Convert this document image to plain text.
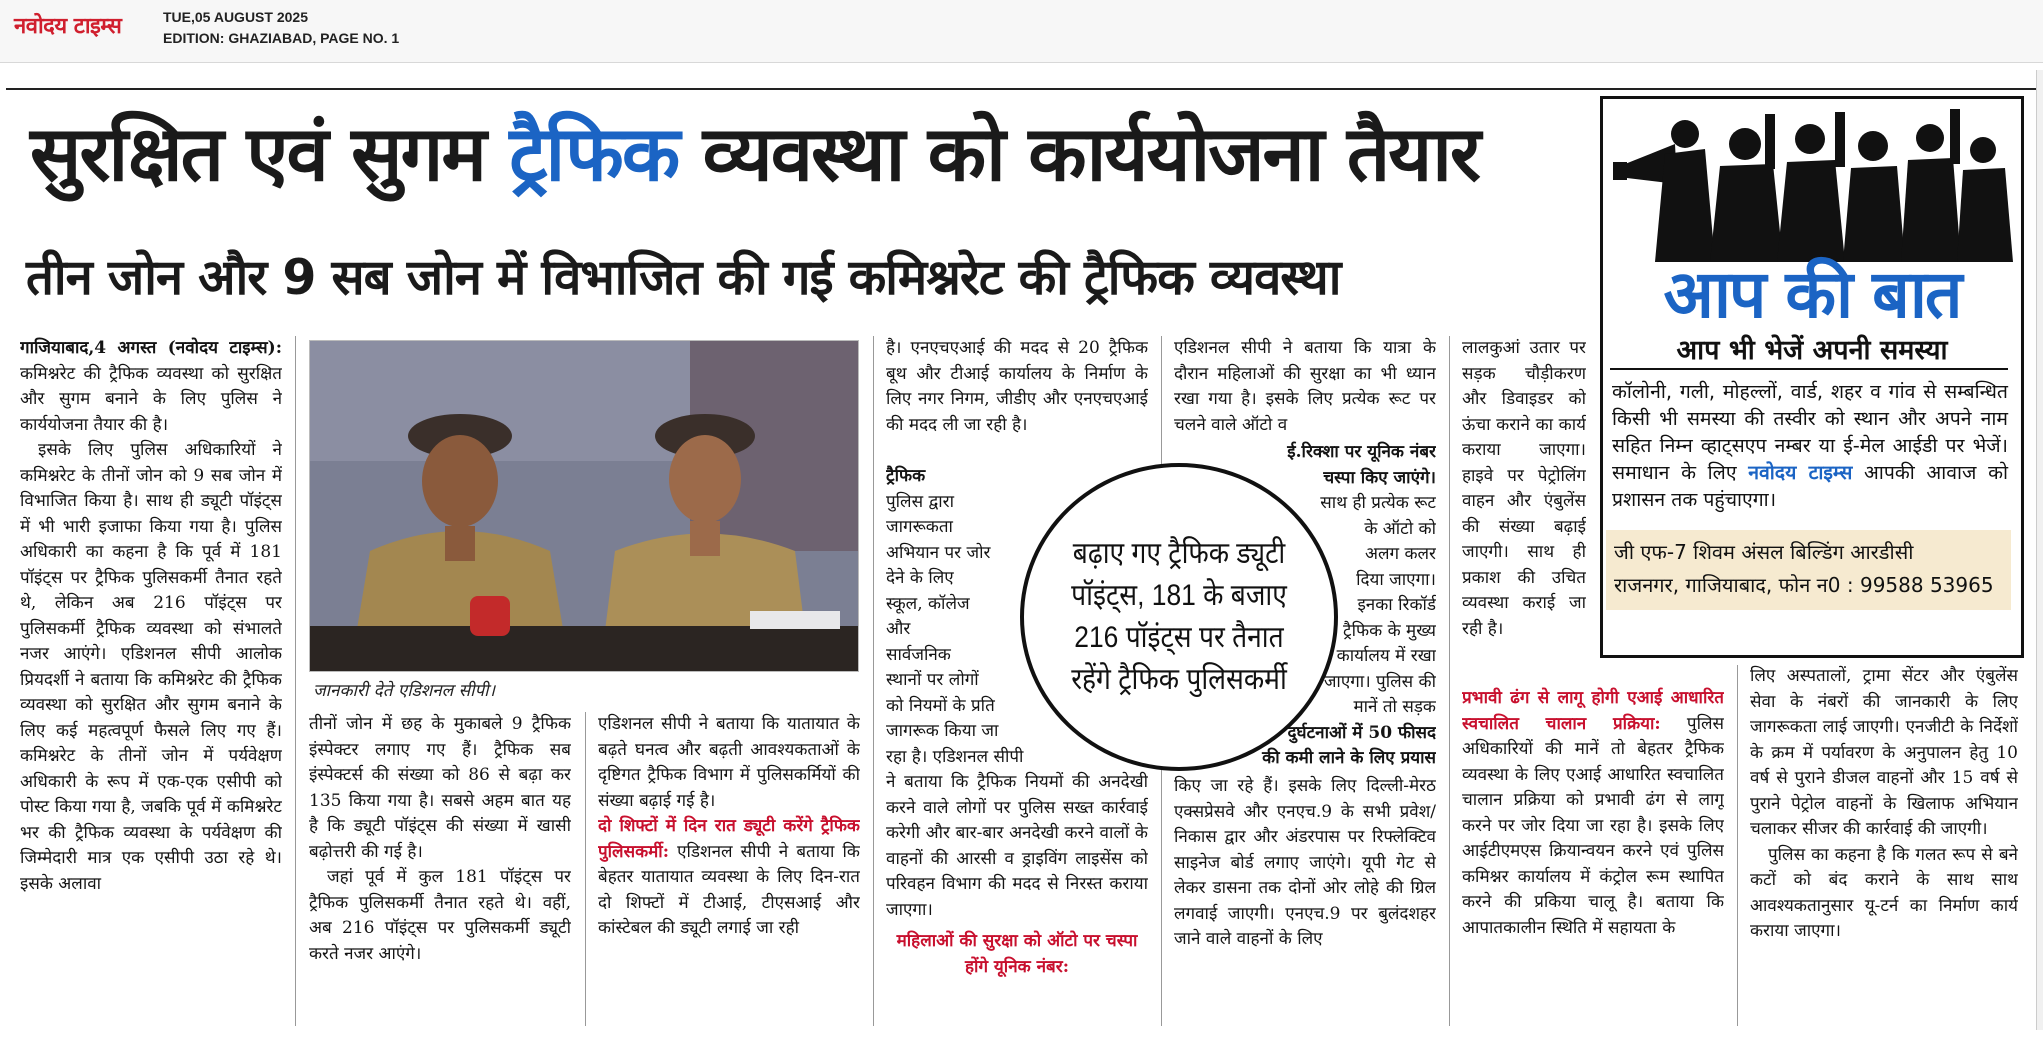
नवोदय टाइम्स	TUE,05 AUGUST 2025
EDITION: GHAZIABAD, PAGE NO. 1
सुरक्षित एवं सुगम ट्रैफिक व्यवस्था को कार्ययोजना तैयार
तीन जोन और 9 सब जोन में विभाजित की गई कमिश्नरेट की ट्रैफिक व्यवस्था

गाजियाबाद,4 अगस्त (नवोदय टाइम्स): कमिश्नरेट की ट्रैफिक व्यवस्था को सुरक्षित और सुगम बनाने के लिए पुलिस ने कार्ययोजना तैयार की है।

इसके लिए पुलिस अधिकारियों ने कमिश्नरेट के तीनों जोन को 9 सब जोन में विभाजित किया है। साथ ही ड्यूटी पॉइंट्स में भी भारी इजाफा किया गया है। पुलिस अधिकारी का कहना है कि पूर्व में 181 पॉइंट्स पर ट्रैफिक पुलिसकर्मी तैनात रहते थे, लेकिन अब 216 पॉइंट्स पर पुलिसकर्मी ट्रैफिक व्यवस्था को संभालते नजर आएंगे। एडिशनल सीपी आलोक प्रियदर्शी ने बताया कि कमिश्नरेट की ट्रैफिक व्यवस्था को सुरक्षित और सुगम बनाने के लिए कई महत्वपूर्ण फैसले लिए गए हैं। कमिश्नरेट के तीनों जोन में पर्यवेक्षण अधिकारी के रूप में एक-एक एसीपी को पोस्ट किया गया है, जबकि पूर्व में कमिश्नरेट भर की ट्रैफिक व्यवस्था के पर्यवेक्षण की जिम्मेदारी मात्र एक एसीपी उठा रहे थे। इसके अलावा

जानकारी देते एडिशनल सीपी।

तीनों जोन में छह के मुकाबले 9 ट्रैफिक इंस्पेक्टर लगाए गए हैं। ट्रैफिक सब इंस्पेक्टर्स की संख्या को 86 से बढ़ा कर 135 किया गया है। सबसे अहम बात यह है कि ड्यूटी पॉइंट्स की संख्या में खासी बढ़ोत्तरी की गई है।

जहां पूर्व में कुल 181 पॉइंट्स पर ट्रैफिक पुलिसकर्मी तैनात रहते थे। वहीं, अब 216 पॉइंट्स पर पुलिसकर्मी ड्यूटी करते नजर आएंगे।

एडिशनल सीपी ने बताया कि यातायात के बढ़ते घनत्व और बढ़ती आवश्यकताओं के दृष्टिगत ट्रैफिक विभाग में पुलिसकर्मियों की संख्या बढ़ाई गई है।

दो शिफ्टों में दिन रात ड्यूटी करेंगे ट्रैफिक पुलिसकर्मी: एडिशनल सीपी ने बताया कि बेहतर यातायात व्यवस्था के लिए दिन-रात दो शिफ्टों में टीआई, टीएसआई और कांस्टेबल की ड्यूटी लगाई जा रही

है। एनएचएआई की मदद से 20 ट्रैफिक बूथ और टीआई कार्यालय के निर्माण के लिए नगर निगम, जीडीए और एनएचएआई की मदद ली जा रही है।

ट्रैफिक
पुलिस द्वारा
जागरूकता
अभियान पर जोर
देने के लिए
स्कूल, कॉलेज
और
सार्वजनिक
स्थानों पर लोगों
को नियमों के प्रति
जागरूक किया जा
रहा है। एडिशनल सीपी

ने बताया कि ट्रैफिक नियमों की अनदेखी करने वाले लोगों पर पुलिस सख्त कार्रवाई करेगी और बार-बार अनदेखी करने वालों के वाहनों की आरसी व ड्राइविंग लाइसेंस को परिवहन विभाग की मदद से निरस्त कराया जाएगा।

महिलाओं की सुरक्षा को ऑटो पर चस्पा होंगे यूनिक नंबर:

एडिशनल सीपी ने बताया कि यात्रा के दौरान महिलाओं की सुरक्षा का भी ध्यान रखा गया है। इसके लिए प्रत्येक रूट पर चलने वाले ऑटो व

ई.रिक्शा पर यूनिक नंबर
चस्पा किए जाएंगे।
साथ ही प्रत्येक रूट
के ऑटो को
अलग कलर
दिया जाएगा।
इनका रिकॉर्ड
ट्रैफिक के मुख्य
कार्यालय में रखा
जाएगा। पुलिस की
मानें तो सड़क
दुर्घटनाओं में 50 फीसद
की कमी लाने के लिए प्रयास

किए जा रहे हैं। इसके लिए दिल्ली-मेरठ एक्सप्रेसवे और एनएच.9 के सभी प्रवेश/निकास द्वार और अंडरपास पर रिफ्लेक्टिव साइनेज बोर्ड लगाए जाएंगे। यूपी गेट से लेकर डासना तक दोनों ओर लोहे की ग्रिल लगवाई जाएगी। एनएच.9 पर बुलंदशहर जाने वाले वाहनों के लिए

बढ़ाए गए ट्रैफिक ड्यूटी पॉइंट्स, 181 के बजाए 216 पॉइंट्स पर तैनात रहेंगे ट्रैफिक पुलिसकर्मी

लालकुआं उतार पर सड़क चौड़ीकरण और डिवाइडर को ऊंचा कराने का कार्य कराया जाएगा। हाइवे पर पेट्रोलिंग वाहन और एंबुलेंस की संख्या बढ़ाई जाएगी। साथ ही प्रकाश की उचित व्यवस्था कराई जा रही है।

प्रभावी ढंग से लागू होगी एआई आधारित स्वचालित चालान प्रक्रिया: पुलिस अधिकारियों की मानें तो बेहतर ट्रैफिक व्यवस्था के लिए एआई आधारित स्वचालित चालान प्रक्रिया को प्रभावी ढंग से लागू करने पर जोर दिया जा रहा है। इसके लिए आईटीएमएस क्रियान्वयन करने एवं पुलिस कमिश्नर कार्यालय में कंट्रोल रूम स्थापित करने की प्रकिया चालू है। बताया कि आपातकालीन स्थिति में सहायता के

लिए अस्पतालों, ट्रामा सेंटर और एंबुलेंस सेवा के नंबरों की जानकारी के लिए जागरूकता लाई जाएगी। एनजीटी के निर्देशों के क्रम में पर्यावरण के अनुपालन हेतु 10 वर्ष से पुराने डीजल वाहनों और 15 वर्ष से पुराने पेट्रोल वाहनों के खिलाफ अभियान चलाकर सीजर की कार्रवाई की जाएगी।

पुलिस का कहना है कि गलत रूप से बने कटों को बंद कराने के साथ साथ आवश्यकतानुसार यू-टर्न का निर्माण कार्य कराया जाएगा।

आप की बात
आप भी भेजें अपनी समस्या
कॉलोनी, गली, मोहल्लों, वार्ड, शहर व गांव से सम्बन्धित किसी भी समस्या की तस्वीर को स्थान और अपने नाम सहित निम्न व्हाट्सएप नम्बर या ई-मेल आईडी पर भेजें। समाधान के लिए नवोदय टाइम्स आपकी आवाज को प्रशासन तक पहुंचाएगा।
जी एफ-7 शिवम अंसल बिल्डिंग आरडीसी
राजनगर, गाजियाबाद, फोन न0 : 99588 53965
